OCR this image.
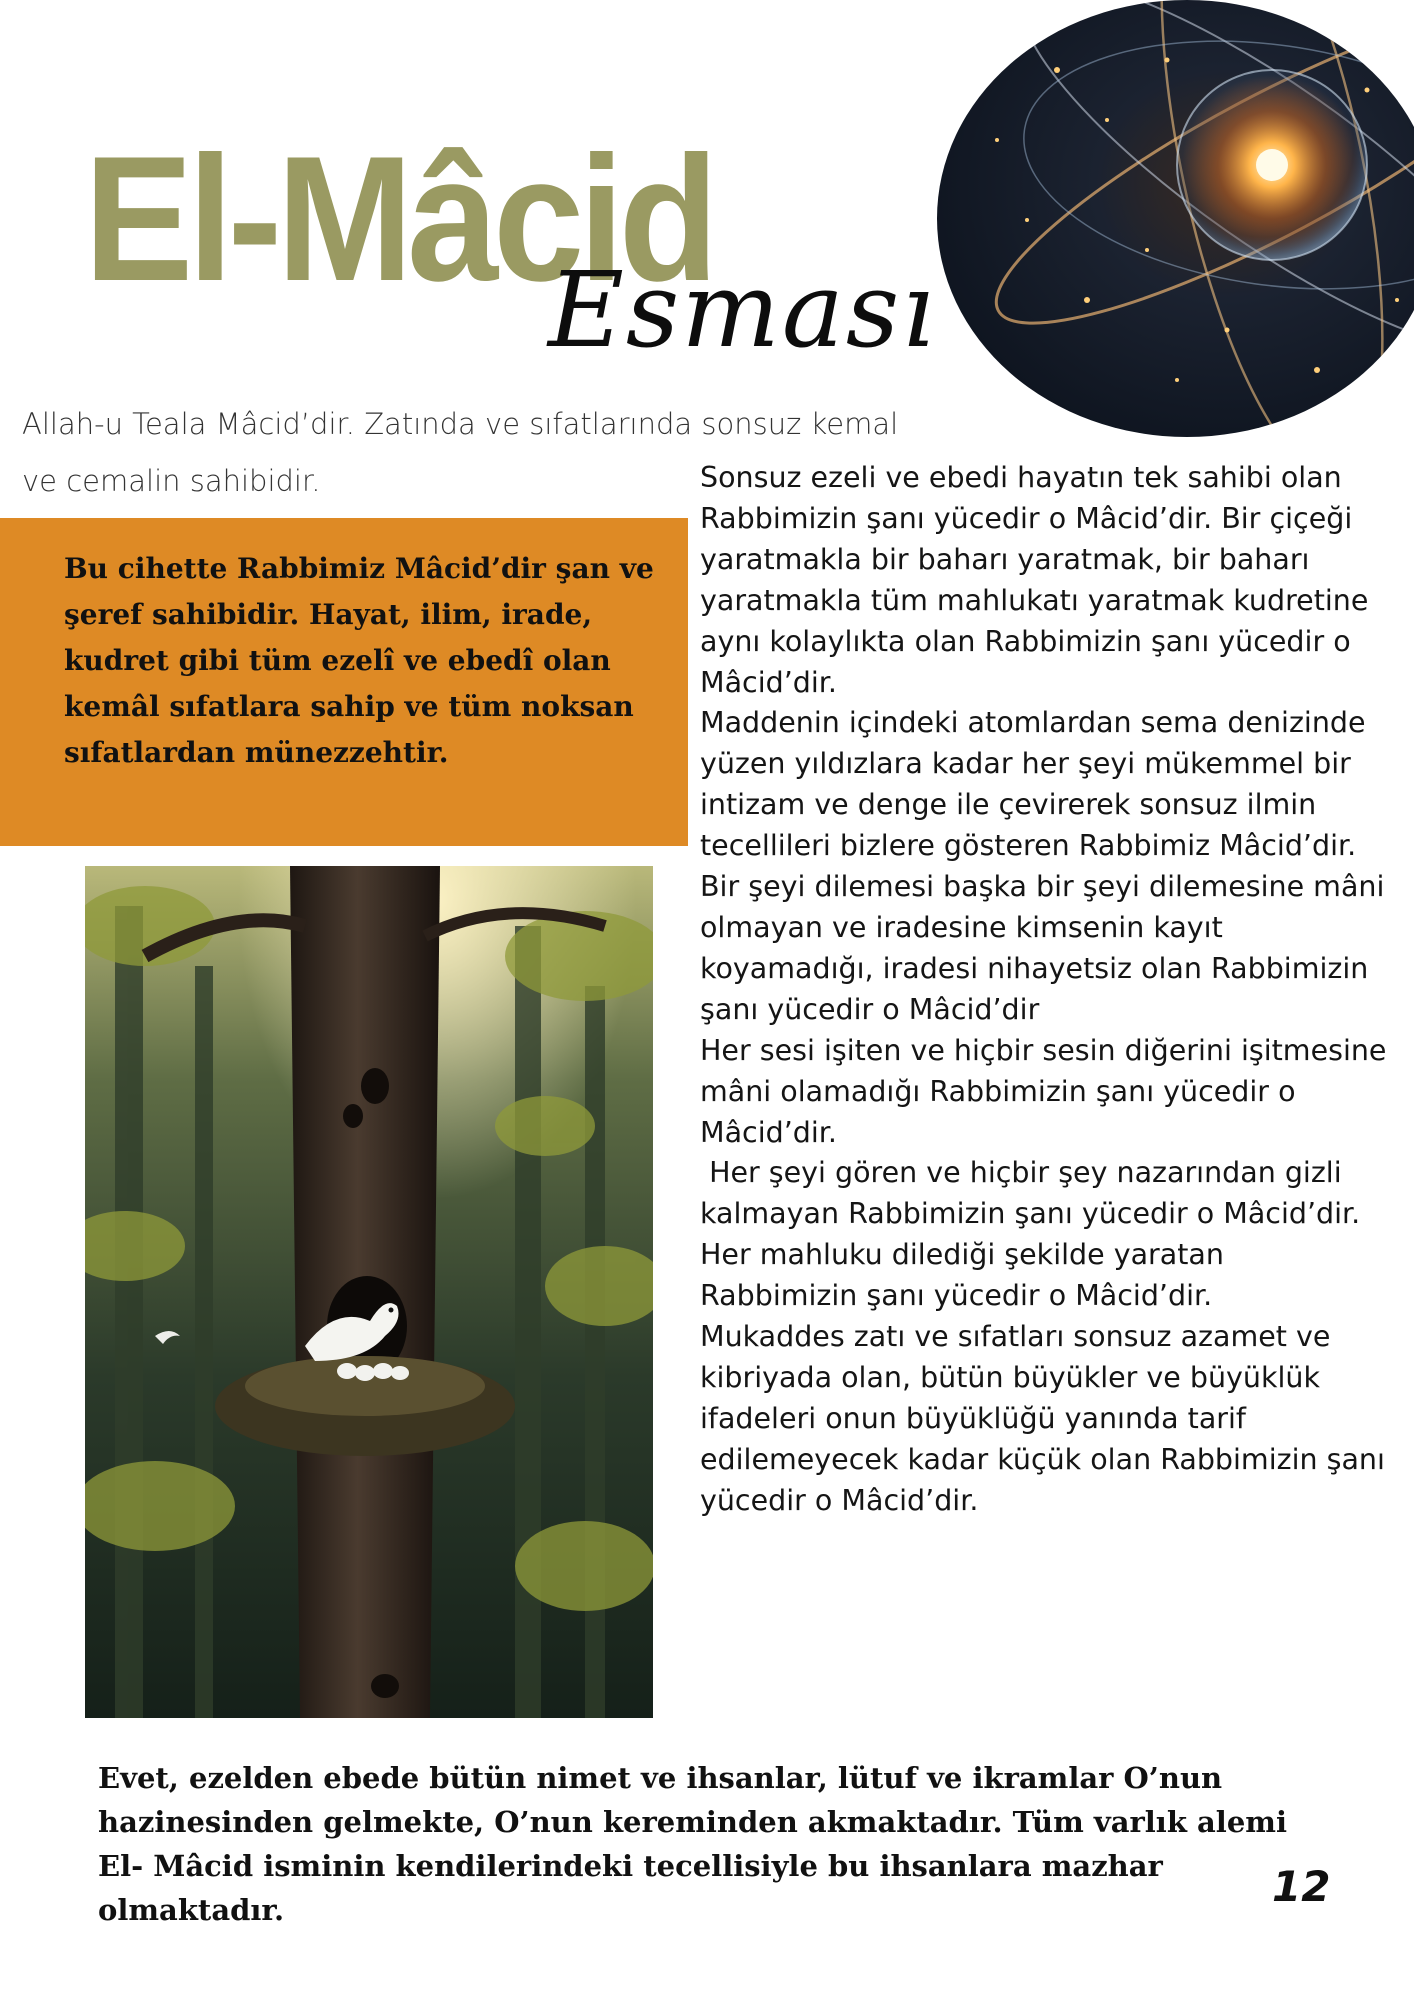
El-Mâcid
Esması
Allah-u Teala Mâcid’dir. Zatında ve sıfatlarında sonsuz kemal ve cemalin sahibidir.
Bu cihette Rabbimiz Mâcid’dir şan ve şeref sahibidir. Hayat, ilim, irade, kudret gibi tüm ezelî ve ebedî olan kemâl sıfatlara sahip ve tüm noksan sıfatlardan münezzehtir.

Sonsuz ezeli ve ebedi hayatın tek sahibi olan Rabbimizin şanı yücedir o Mâcid’dir. Bir çiçeği yaratmakla bir baharı yaratmak, bir baharı yaratmakla tüm mahlukatı yaratmak kudretine aynı kolaylıkta olan Rabbimizin şanı yücedir o Mâcid’dir.

Maddenin içindeki atomlardan sema denizinde yüzen yıldızlara kadar her şeyi mükemmel bir intizam ve denge ile çevirerek sonsuz ilmin tecellileri bizlere gösteren Rabbimiz Mâcid’dir.

Bir şeyi dilemesi başka bir şeyi dilemesine mâni olmayan ve iradesine kimsenin kayıt koyamadığı, iradesi nihayetsiz olan Rabbimizin şanı yücedir o Mâcid’dir

Her sesi işiten ve hiçbir sesin diğerini işitmesine mâni olamadığı Rabbimizin şanı yücedir o Mâcid’dir.

Her şeyi gören ve hiçbir şey nazarından gizli kalmayan Rabbimizin şanı yücedir o Mâcid’dir. Her mahluku dilediği şekilde yaratan Rabbimizin şanı yücedir o Mâcid’dir.

Mukaddes zatı ve sıfatları sonsuz azamet ve kibriyada olan, bütün büyükler ve büyüklük ifadeleri onun büyüklüğü yanında tarif edilemeyecek kadar küçük olan Rabbimizin şanı yücedir o Mâcid’dir.

Evet, ezelden ebede bütün nimet ve ihsanlar, lütuf ve ikramlar O’nun hazinesinden gelmekte, O’nun kereminden akmaktadır. Tüm varlık alemi El- Mâcid isminin kendilerindeki tecellisiyle bu ihsanlara mazhar olmaktadır.	12
